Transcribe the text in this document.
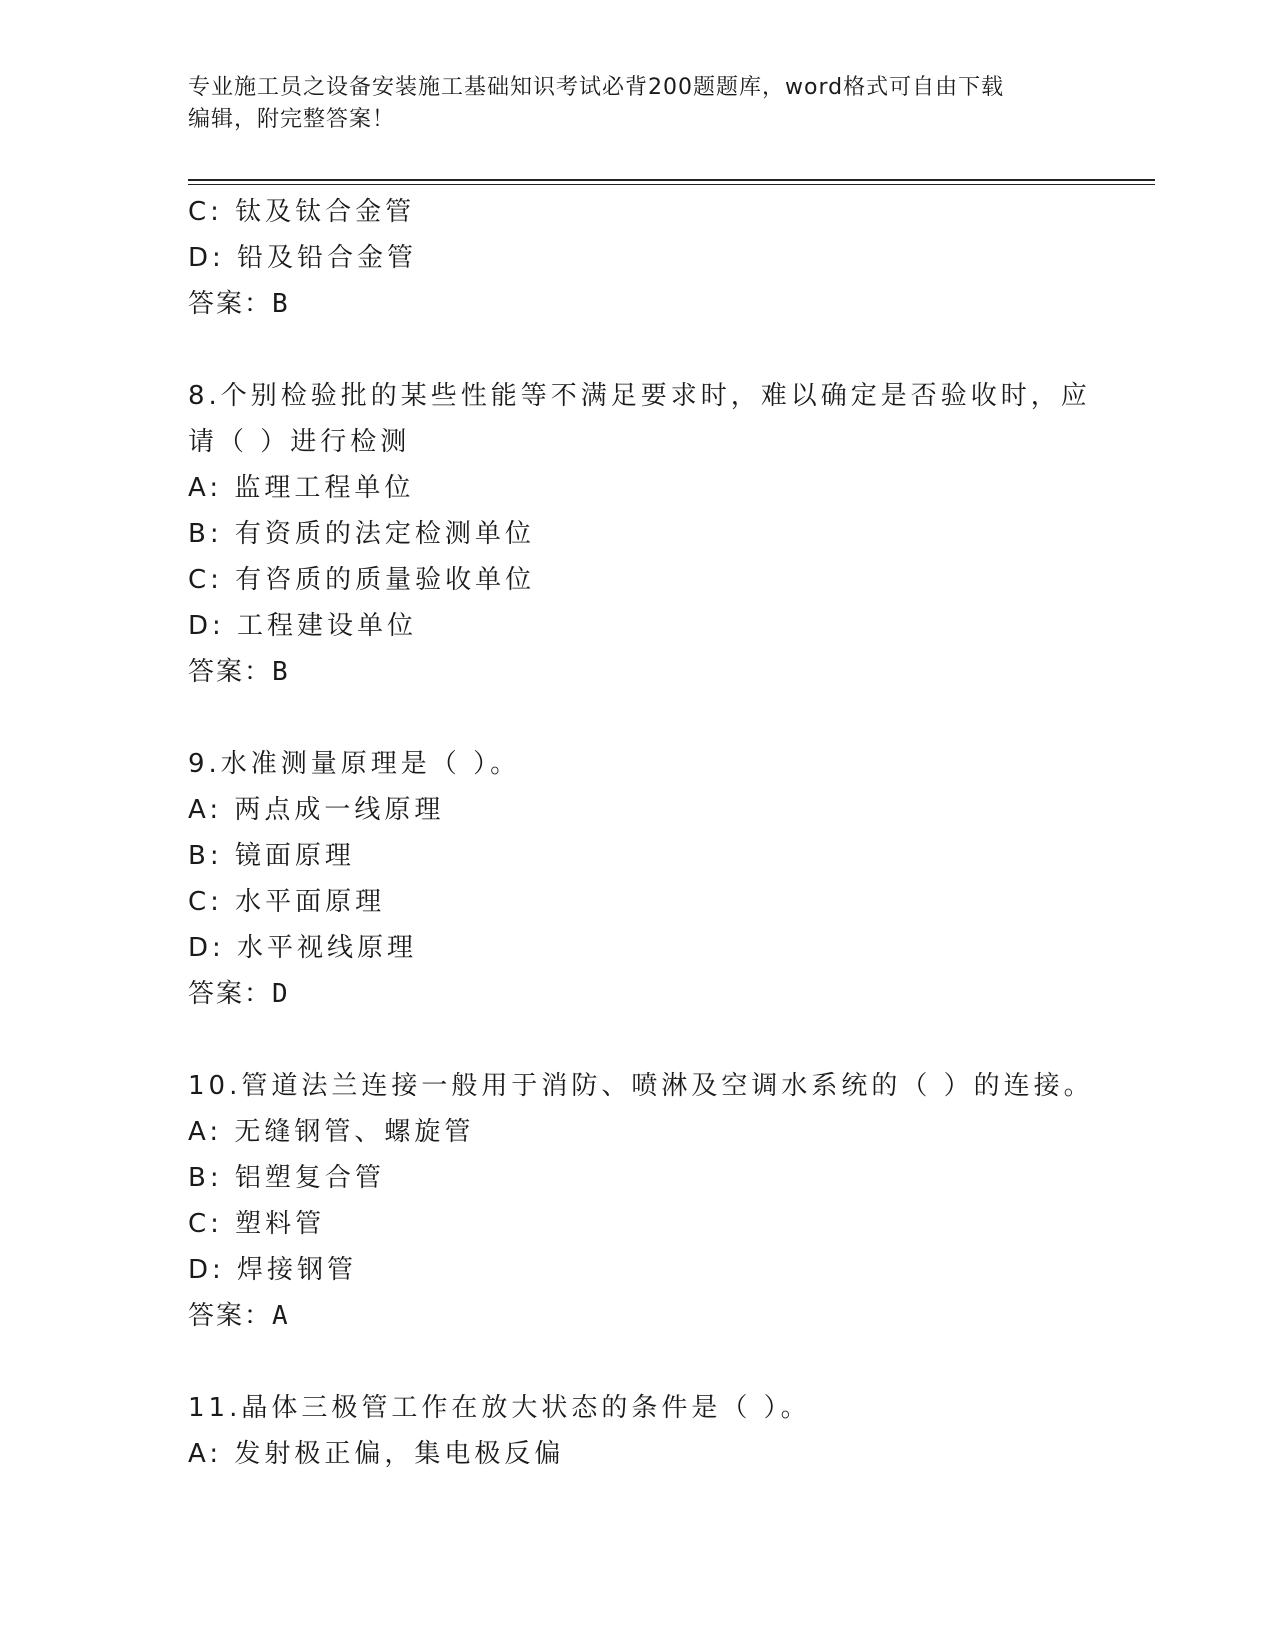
专业施工员之设备安装施工基础知识考试必背200题题库，word格式可自由下载
编辑，附完整答案！
C: 钛及钛合金管
D: 铅及铅合金管
答案：B
8.个别检验批的某些性能等不满足要求时，难以确定是否验收时，应
请（ ）进行检测
A: 监理工程单位
B: 有资质的法定检测单位
C: 有咨质的质量验收单位
D: 工程建设单位
答案：B
9.水准测量原理是（ ）。
A: 两点成一线原理
B: 镜面原理
C: 水平面原理
D: 水平视线原理
答案：D
10.管道法兰连接一般用于消防、喷淋及空调水系统的（ ）的连接。
A: 无缝钢管、螺旋管
B: 铝塑复合管
C: 塑料管
D: 焊接钢管
答案：A
11.晶体三极管工作在放大状态的条件是（ ）。
A: 发射极正偏，集电极反偏
